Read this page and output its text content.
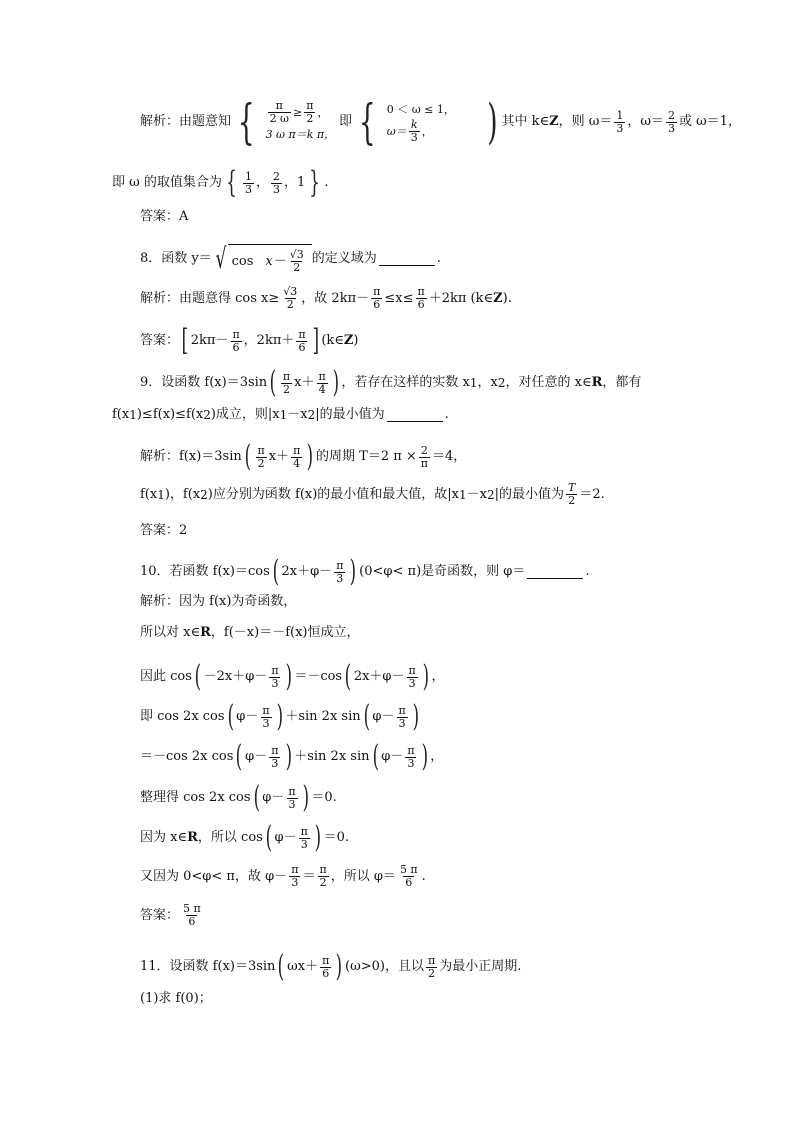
解析：由题意知 { $\frac{\pi}{2 \omega} \ge \frac{\pi}{2}$ ，
3 ω π＝k π，
即 { 0 ＜ ω ≤ 1，
$\omega= \frac{k}{3}$ ， ) 其中 k∈ Z ，则 $\omega= \frac{1}{3}$ ，$\omega= \frac{2}{3}$ 或 ω＝1，
即 ω 的取值集合为 { $\frac{1}{3}$ ， $\frac{2}{3}$ ，1 } .
答案：A
8．函数 y＝ √ $\cos x- \frac{√3}{2}$ 的定义域为	.
解析：由题意得 $\cos x\ge \frac{√3}{2}$ ，故 $2k\pi- \frac{\pi}{6} \le x\le \frac{\pi}{6} +2k\pi$ (k∈ Z ).
答案： [ $2k\pi- \frac{\pi}{6}$ ，$2k\pi+ \frac{\pi}{6}$ ] (k∈ Z )
9．设函数 f(x)＝3sin ( $\frac{\pi}{2} x+ \frac{\pi}{4}$ ) ，若存在这样的实数 x 1 ，x 2 ，对任意的 x∈ R ，都有
f(x 1 )≤f(x)≤f(x 2 )成立，则|x 1 －x 2 |的最小值为	.
解析：f(x)＝3sin ( $\frac{\pi}{2} x+ \frac{\pi}{4}$ ) 的周期 T＝2 $\pi \times \frac{2}{\pi} =4$，
f(x 1 )，f(x 2 )应分别为函数 f(x)的最小值和最大值，故|x 1 －x 2 |的最小值为 $\frac{T}{2} =2$.
答案：2
10．若函数 f(x)＝cos ( $2x+\varphi- \frac{\pi}{3}$ ) (0<φ< π )是奇函数，则 φ＝	.
解析：因为 f(x)为奇函数，
所以对 x∈ R ，f(－x)＝－f(x)恒成立，
因此 cos ( $-2x+\varphi- \frac{\pi}{3}$ ) ＝－cos ( $2x+\varphi- \frac{\pi}{3}$ ) ，
即 cos 2x cos ( $\varphi- \frac{\pi}{3}$ ) ＋sin 2x sin ( $\varphi- \frac{\pi}{3}$ )
＝－cos 2x cos ( $\varphi- \frac{\pi}{3}$ ) ＋sin 2x sin ( $\varphi- \frac{\pi}{3}$ ) ，
整理得 cos 2x cos ( $\varphi- \frac{\pi}{3}$ ) ＝0.
因为 x∈ R ，所以 cos ( $\varphi- \frac{\pi}{3}$ ) ＝0.
又因为 0<φ< π，故 $\varphi- \frac{\pi}{3} = \frac{\pi}{2}$ ，所以 $\varphi= \frac{5 \pi}{6}$ .
答案： $\frac{5 \pi}{6}$
11．设函数 f(x)＝3sin ( $\omega x+ \frac{\pi}{6}$ ) (ω>0)，且以 $\frac{\pi}{2}$ 为最小正周期.
(1)求 f(0)；
